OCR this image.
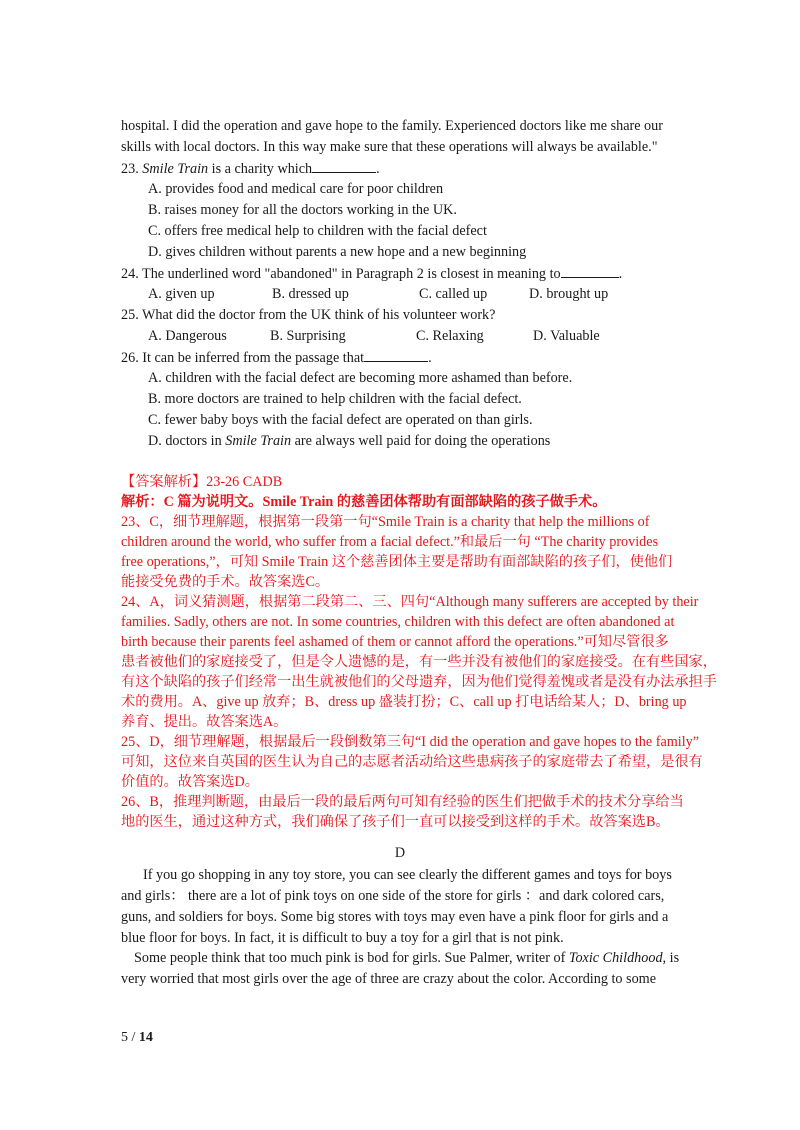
hospital. I did the operation and gave hope to the family. Experienced doctors like me share our
skills with local doctors. In this way make sure that these operations will always be available."
23. Smile Train is a charity which	.
A. provides food and medical care for poor children
B. raises money for all the doctors working in the UK.
C. offers free medical help to children with the facial defect
D. gives children without parents a new hope and a new beginning
24. The underlined word "abandoned" in Paragraph 2 is closest in meaning to	.
A. given up	B. dressed up	C. called up	D. brought up
25. What did the doctor from the UK think of his volunteer work?
A. Dangerous	B. Surprising	C. Relaxing	D. Valuable
26. It can be inferred from the passage that	.
A. children with the facial defect are becoming more ashamed than before.
B. more doctors are trained to help children with the facial defect.
C. fewer baby boys with the facial defect are operated on than girls.
D. doctors in Smile Train are always well paid for doing the operations
【答案解析】23-26 CADB
解析：C 篇为说明文。Smile Train 的慈善团体帮助有面部缺陷的孩子做手术。
23、C，细节理解题，根据第一段第一句“Smile Train is a charity that help the millions of
children around the world, who suffer from a facial defect.”和最后一句 “The charity provides
free operations,”，可知 Smile Train 这个慈善团体主要是帮助有面部缺陷的孩子们，使他们
能接受免费的手术。故答案选C。
24、A，词义猜测题，根据第二段第二、三、四句“Although many sufferers are accepted by their
families. Sadly, others are not. In some countries, children with this defect are often abandoned at
birth because their parents feel ashamed of them or cannot afford the operations.”可知尽管很多
患者被他们的家庭接受了，但是令人遗憾的是，有一些并没有被他们的家庭接受。在有些国家，
有这个缺陷的孩子们经常一出生就被他们的父母遗弃，因为他们觉得羞愧或者是没有办法承担手
术的费用。A、give up 放弃；B、dress up 盛装打扮；C、call up 打电话给某人；D、bring up
养育、提出。故答案选A。
25、D，细节理解题，根据最后一段倒数第三句“I did the operation and gave hopes to the family”
可知，这位来自英国的医生认为自己的志愿者活动给这些患病孩子的家庭带去了希望，是很有
价值的。故答案选D。
26、B，推理判断题，由最后一段的最后两句可知有经验的医生们把做手术的技术分享给当
地的医生，通过这种方式，我们确保了孩子们一直可以接受到这样的手术。故答案选B。
D
If you go shopping in any toy store, you can see clearly the different games and toys for boys
and girls： there are a lot of pink toys on one side of the store for girls ：and dark colored cars,
guns, and soldiers for boys. Some big stores with toys may even have a pink floor for girls and a
blue floor for boys. In fact, it is difficult to buy a toy for a girl that is not pink.
Some people think that too much pink is bod for girls. Sue Palmer, writer of Toxic Childhood, is
very worried that most girls over the age of three are crazy about the color. According to some
5 / 14
